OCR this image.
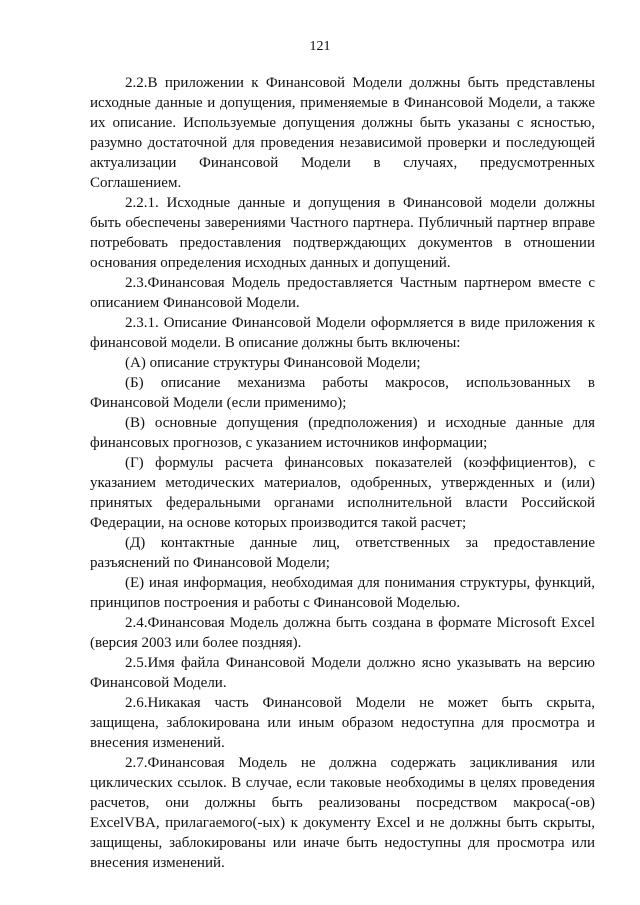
121

2.2.В приложении к Финансовой Модели должны быть представлены исходные данные и допущения, применяемые в Финансовой Модели, а также их описание. Используемые допущения должны быть указаны с ясностью, разумно достаточной для проведения независимой проверки и последующей актуализации Финансовой Модели в случаях, предусмотренных Соглашением.

2.2.1. Исходные данные и допущения в Финансовой модели должны быть обеспечены заверениями Частного партнера. Публичный партнер вправе потребовать предоставления подтверждающих документов в отношении основания определения исходных данных и допущений.

2.3.Финансовая Модель предоставляется Частным партнером вместе с описанием Финансовой Модели.

2.3.1. Описание Финансовой Модели оформляется в виде приложения к финансовой модели. В описание должны быть включены:

(А) описание структуры Финансовой Модели;

(Б) описание механизма работы макросов, использованных в Финансовой Модели (если применимо);

(В) основные допущения (предположения) и исходные данные для финансовых прогнозов, с указанием источников информации;

(Г) формулы расчета финансовых показателей (коэффициентов), с указанием методических материалов, одобренных, утвержденных и (или) принятых федеральными органами исполнительной власти Российской Федерации, на основе которых производится такой расчет;

(Д) контактные данные лиц, ответственных за предоставление разъяснений по Финансовой Модели;

(Е) иная информация, необходимая для понимания структуры, функций, принципов построения и работы с Финансовой Моделью.

2.4.Финансовая Модель должна быть создана в формате Microsoft Excel (версия 2003 или более поздняя).

2.5.Имя файла Финансовой Модели должно ясно указывать на версию Финансовой Модели.

2.6.Никакая часть Финансовой Модели не может быть скрыта, защищена, заблокирована или иным образом недоступна для просмотра и внесения изменений.

2.7.Финансовая Модель не должна содержать зацикливания или циклических ссылок. В случае, если таковые необходимы в целях проведения расчетов, они должны быть реализованы посредством макроса(-ов) ExcelVBA, прилагаемого(-ых) к документу Excel и не должны быть скрыты, защищены, заблокированы или иначе быть недоступны для просмотра или внесения изменений.
